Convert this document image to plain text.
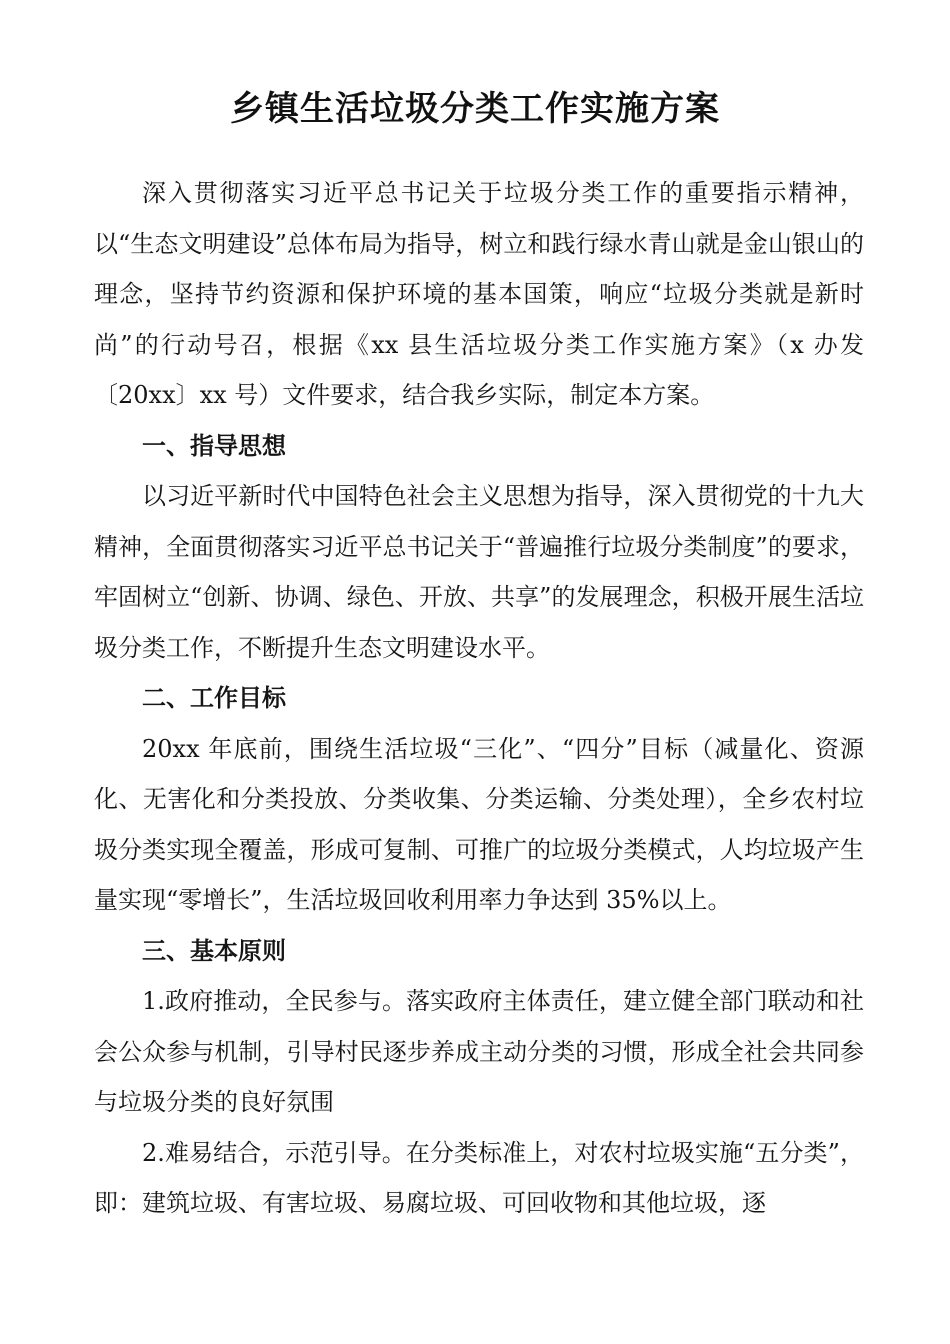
乡镇生活垃圾分类工作实施方案

深入贯彻落实习近平总书记关于垃圾分类工作的重要指示精神，以“生态文明建设”总体布局为指导，树立和践行绿水青山就是金山银山的理念，坚持节约资源和保护环境的基本国策，响应“垃圾分类就是新时尚”的行动号召，根据《xx 县生活垃圾分类工作实施方案》（x 办发〔20xx〕xx 号）文件要求，结合我乡实际，制定本方案。

一、指导思想

以习近平新时代中国特色社会主义思想为指导，深入贯彻党的十九大精神，全面贯彻落实习近平总书记关于“普遍推行垃圾分类制度”的要求，牢固树立“创新、协调、绿色、开放、共享”的发展理念，积极开展生活垃圾分类工作，不断提升生态文明建设水平。

二、工作目标

20xx 年底前，围绕生活垃圾“三化”、“四分”目标（减量化、资源化、无害化和分类投放、分类收集、分类运输、分类处理），全乡农村垃圾分类实现全覆盖，形成可复制、可推广的垃圾分类模式，人均垃圾产生量实现“零增长”，生活垃圾回收利用率力争达到 35%以上。

三、基本原则

1.政府推动，全民参与。落实政府主体责任，建立健全部门联动和社会公众参与机制，引导村民逐步养成主动分类的习惯，形成全社会共同参与垃圾分类的良好氛围

2.难易结合，示范引导。在分类标准上，对农村垃圾实施“五分类”，即：建筑垃圾、有害垃圾、易腐垃圾、可回收物和其他垃圾，逐
